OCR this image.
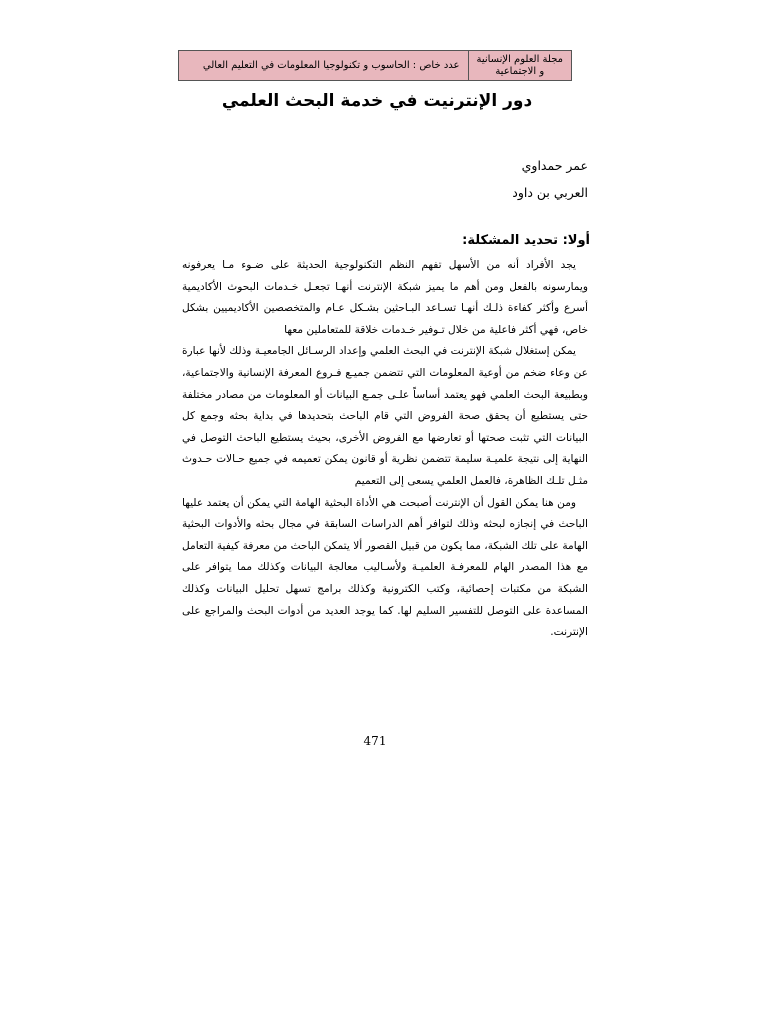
مجلة العلوم الإنسانية و الاجتماعية
عدد خاص : الحاسوب و تكنولوجيا المعلومات في التعليم العالي
دور الإنترنيت في خدمة البحث العلمي
عمر حمداوي
العربي بن داود
أولا: تحديد المشكلة:

يجد الأفراد أنه من الأسهل تفهم النظم التكنولوجية الحديثة على ضـوء مـا يعرفونه ويمارسونه بالفعل ومن أهم ما يميز شبكة الإنترنت أنهـا تجعـل خـدمات البحوث الأكاديمية أسرع وأكثر كفاءة ذلـك أنهـا تسـاعد البـاحثين بشـكل عـام والمتخصصين الأكاديميين بشكل خاص، فهي أكثر فاعلية من خلال تـوفير خـدمات خلاقة للمتعاملين معها

يمكن إستغلال شبكة الإنترنت في البحث العلمي وإعداد الرسـائل الجامعيـة وذلك لأنها عبارة عن وعاء ضخم من أوعية المعلومات التي تتضمن جميـع فـروع المعرفة الإنسانية والاجتماعية، وبطبيعة البحث العلمي فهو يعتمد أساساً علـى جمـع البيانات أو المعلومات من مصادر مختلفة حتى يستطيع أن يحقق صحة الفروض التي قام الباحث بتحديدها في بداية بحثه وجمع كل البيانات التي تثبت صحتها أو تعارضها مع الفروض الأخرى، بحيث يستطيع الباحث التوصل في النهاية إلى نتيجة علميـة سليمة تتضمن نظرية أو قانون يمكن تعميمه في جميع حـالات حـدوث مثـل تلـك الظاهرة، فالعمل العلمي يسعى إلى التعميم

ومن هنا يمكن القول أن الإنترنت أصبحت هي الأداة البحثية الهامة التي يمكن أن يعتمد عليها الباحث في إنجازه لبحثه وذلك لتوافر أهم الدراسات السابقة في مجال بحثه والأدوات البحثية الهامة على تلك الشبكة، مما يكون من قبيل القصور ألا يتمكن الباحث من معرفة كيفية التعامل مع هذا المصدر الهام للمعرفـة العلميـة ولأسـاليب معالجة البيانات وكذلك مما يتوافر على الشبكة من مكتبات إحصائية، وكتب الكترونية وكذلك برامج تسهل تحليل البيانات وكذلك المساعدة على التوصل للتفسير السليم لها. كما يوجد العديد من أدوات البحث والمراجع على الإنترنت.

471
